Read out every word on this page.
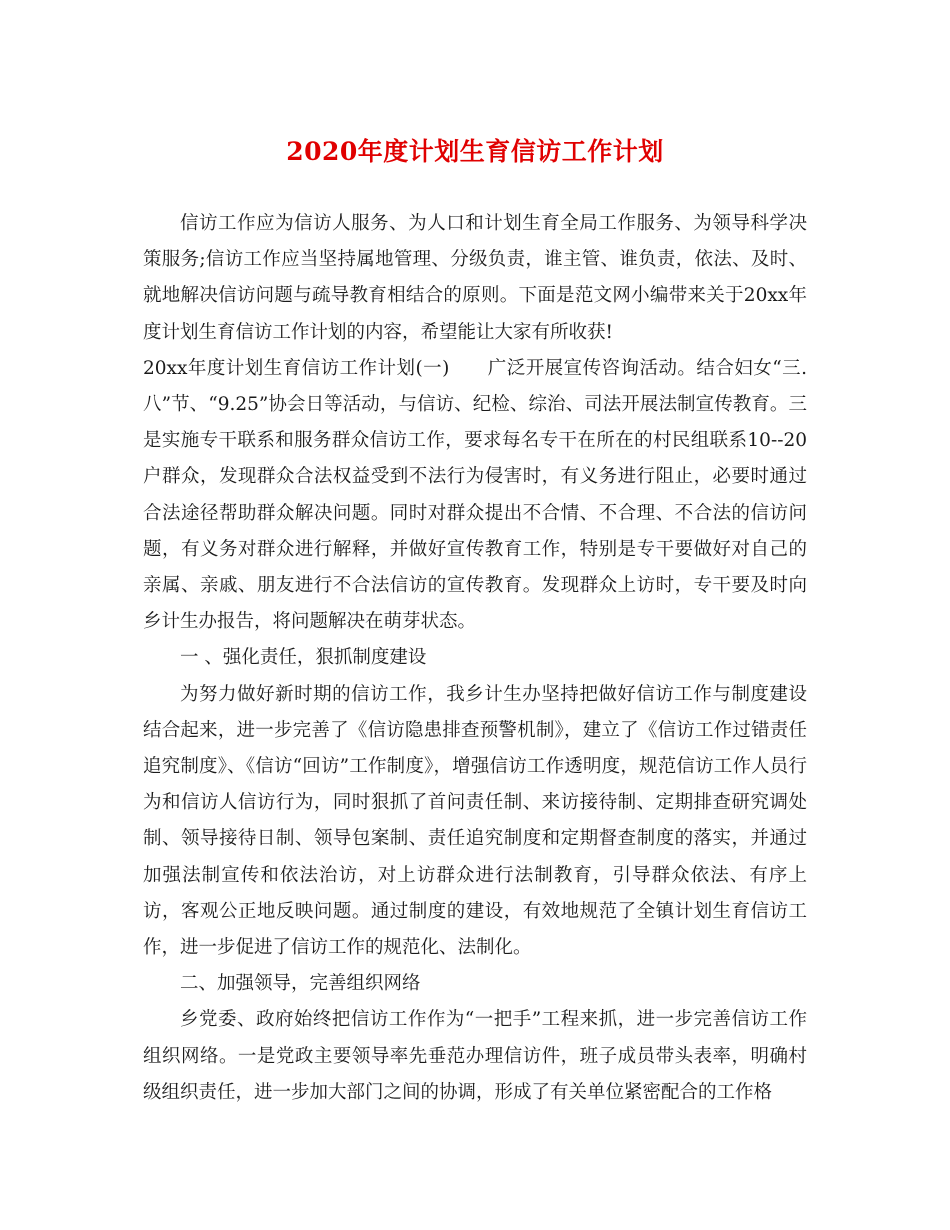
2020年度计划生育信访工作计划

信访工作应为信访人服务、为人口和计划生育全局工作服务、为领导科学决策服务;信访工作应当坚持属地管理、分级负责，谁主管、谁负责，依法、及时、就地解决信访问题与疏导教育相结合的原则。下面是范文网小编带来关于20xx年度计划生育信访工作计划的内容，希望能让大家有所收获!

20xx年度计划生育信访工作计划(一) 广泛开展宣传咨询活动。结合妇女“三.八”节、“9.25”协会日等活动，与信访、纪检、综治、司法开展法制宣传教育。三是实施专干联系和服务群众信访工作，要求每名专干在所在的村民组联系10--20户群众，发现群众合法权益受到不法行为侵害时，有义务进行阻止，必要时通过合法途径帮助群众解决问题。同时对群众提出不合情、不合理、不合法的信访问题，有义务对群众进行解释，并做好宣传教育工作，特别是专干要做好对自己的亲属、亲戚、朋友进行不合法信访的宣传教育。发现群众上访时，专干要及时向乡计生办报告，将问题解决在萌芽状态。

一 、强化责任，狠抓制度建设

为努力做好新时期的信访工作，我乡计生办坚持把做好信访工作与制度建设结合起来，进一步完善了《信访隐患排查预警机制》，建立了《信访工作过错责任追究制度》、《信访“回访”工作制度》，增强信访工作透明度，规范信访工作人员行为和信访人信访行为，同时狠抓了首问责任制、来访接待制、定期排查研究调处制、领导接待日制、领导包案制、责任追究制度和定期督查制度的落实，并通过加强法制宣传和依法治访，对上访群众进行法制教育，引导群众依法、有序上访，客观公正地反映问题。通过制度的建设，有效地规范了全镇计划生育信访工作，进一步促进了信访工作的规范化、法制化。

二、加强领导，完善组织网络

乡党委、政府始终把信访工作作为“一把手”工程来抓，进一步完善信访工作组织网络。一是党政主要领导率先垂范办理信访件，班子成员带头表率，明确村级组织责任，进一步加大部门之间的协调，形成了有关单位紧密配合的工作格
